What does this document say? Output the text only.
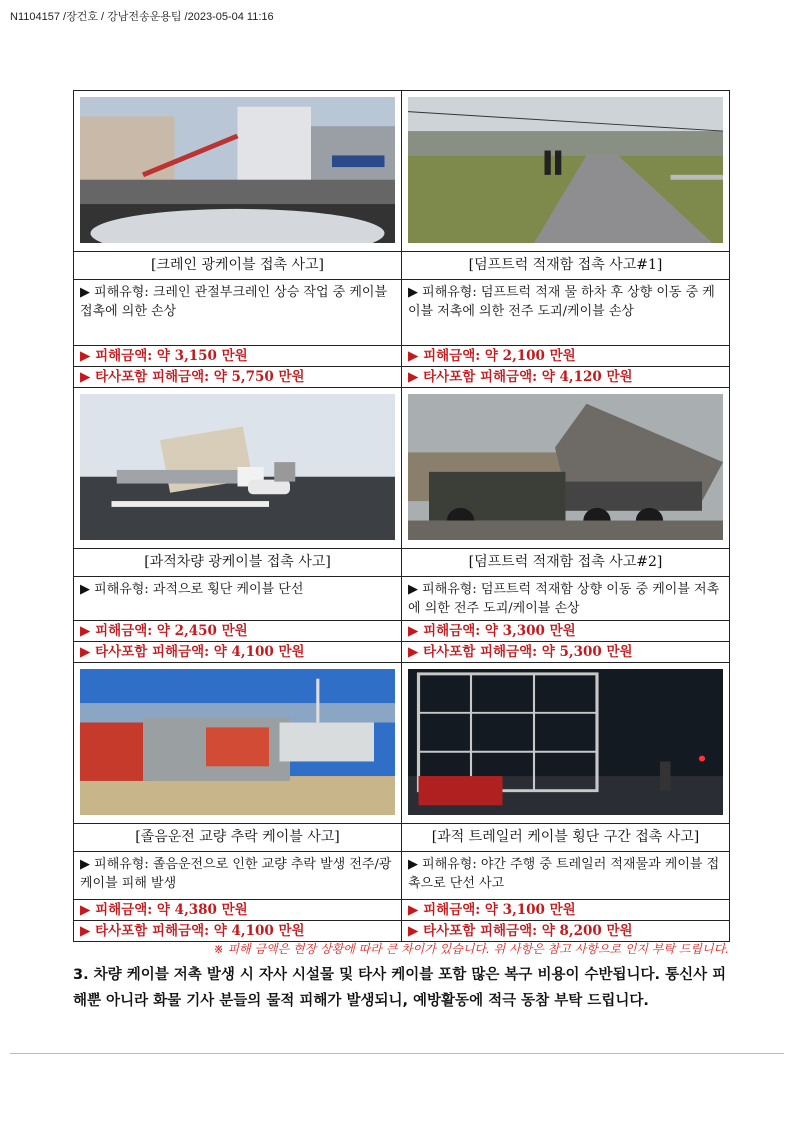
N1104157 /장건호 / 강남전송운용팀 /2023-05-04 11:16

[크레인 광케이블 접촉 사고]	[덤프트럭 적재함 접촉 사고#1]
▶ 피해유형: 크레인 관절부크레인 상승 작업 중 케이블 접촉에 의한 손상	▶ 피해유형: 덤프트럭 적재 물 하차 후 상향 이동 중 케이블 저촉에 의한 전주 도괴/케이블 손상
▶ 피해금액: 약 3,150 만원	▶ 피해금액: 약 2,100 만원
▶ 타사포함 피해금액: 약 5,750 만원	▶ 타사포함 피해금액: 약 4,120 만원

[과적차량 광케이블 접촉 사고]	[덤프트럭 적재함 접촉 사고#2]
▶ 피해유형: 과적으로 횡단 케이블 단선	▶ 피해유형: 덤프트럭 적재함 상향 이동 중 케이블 저촉에 의한 전주 도괴/케이블 손상
▶ 피해금액: 약 2,450 만원	▶ 피해금액: 약 3,300 만원
▶ 타사포함 피해금액: 약 4,100 만원	▶ 타사포함 피해금액: 약 5,300 만원

[졸음운전 교량 추락 케이블 사고]	[과적 트레일러 케이블 횡단 구간 접촉 사고]
▶ 피해유형: 졸음운전으로 인한 교량 추락 발생 전주/광케이블 피해 발생	▶ 피해유형: 야간 주행 중 트레일러 적재물과 케이블 접촉으로 단선 사고
▶ 피해금액: 약 4,380 만원	▶ 피해금액: 약 3,100 만원
▶ 타사포함 피해금액: 약 4,100 만원	▶ 타사포함 피해금액: 약 8,200 만원
※ 피해 금액은 현장 상황에 따라 큰 차이가 있습니다. 위 사항은 참고 사항으로 인지 부탁 드립니다.
3. 차량 케이블 저촉 발생 시 자사 시설물 및 타사 케이블 포함 많은 복구 비용이 수반됩니다. 통신사 피해뿐 아니라 화물 기사 분들의 물적 피해가 발생되니, 예방활동에 적극 동참 부탁 드립니다.
